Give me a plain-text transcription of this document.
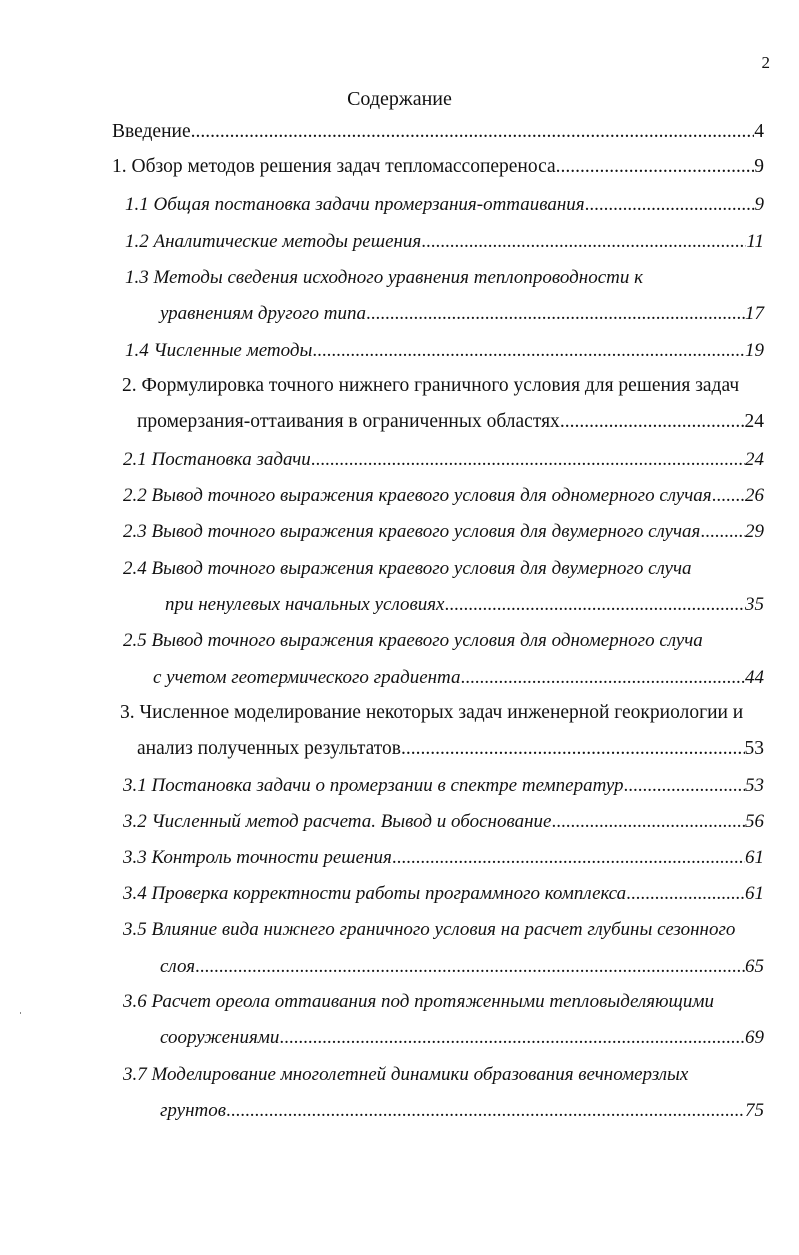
2
Содержание
Введение .....	4
1. Обзор методов решения задач тепломассопереноса .....	9
1.1 Общая постановка задачи промерзания-оттаивания .....	9
1.2 Аналитические методы решения .....	11
1.3 Методы сведения исходного уравнения теплопроводности к
уравнениям другого типа .....	17
1.4 Численные методы .....	19
2. Формулировка точного нижнего граничного условия для решения задач
промерзания-оттаивания в ограниченных областях .....	24
2.1 Постановка задачи .....	24
2.2 Вывод точного выражения краевого условия для одномерного случая ..... 26
2.3 Вывод точного выражения краевого условия для двумерного случая ..... 29
2.4 Вывод точного выражения краевого условия для двумерного случа
при ненулевых начальных условиях .....	35
2.5 Вывод точного выражения краевого условия для одномерного случа
с учетом геотермического градиента .....	44
3. Численное моделирование некоторых задач инженерной геокриологии и
анализ полученных результатов. .....	53
3.1 Постановка задачи о промерзании в спектре температур .....	53
3.2 Численный метод расчета. Вывод и обоснование .....	56
3.3 Контроль точности решения .....	61
3.4 Проверка корректности работы программного комплекса .....	61
3.5 Влияние вида нижнего граничного условия на расчет глубины сезонного
слоя .....	65
3.6 Расчет ореола оттаивания под протяженными тепловыделяющими
сооружениями .....	69
3.7 Моделирование многолетней динамики образования вечномерзлых
грунтов .....	75
